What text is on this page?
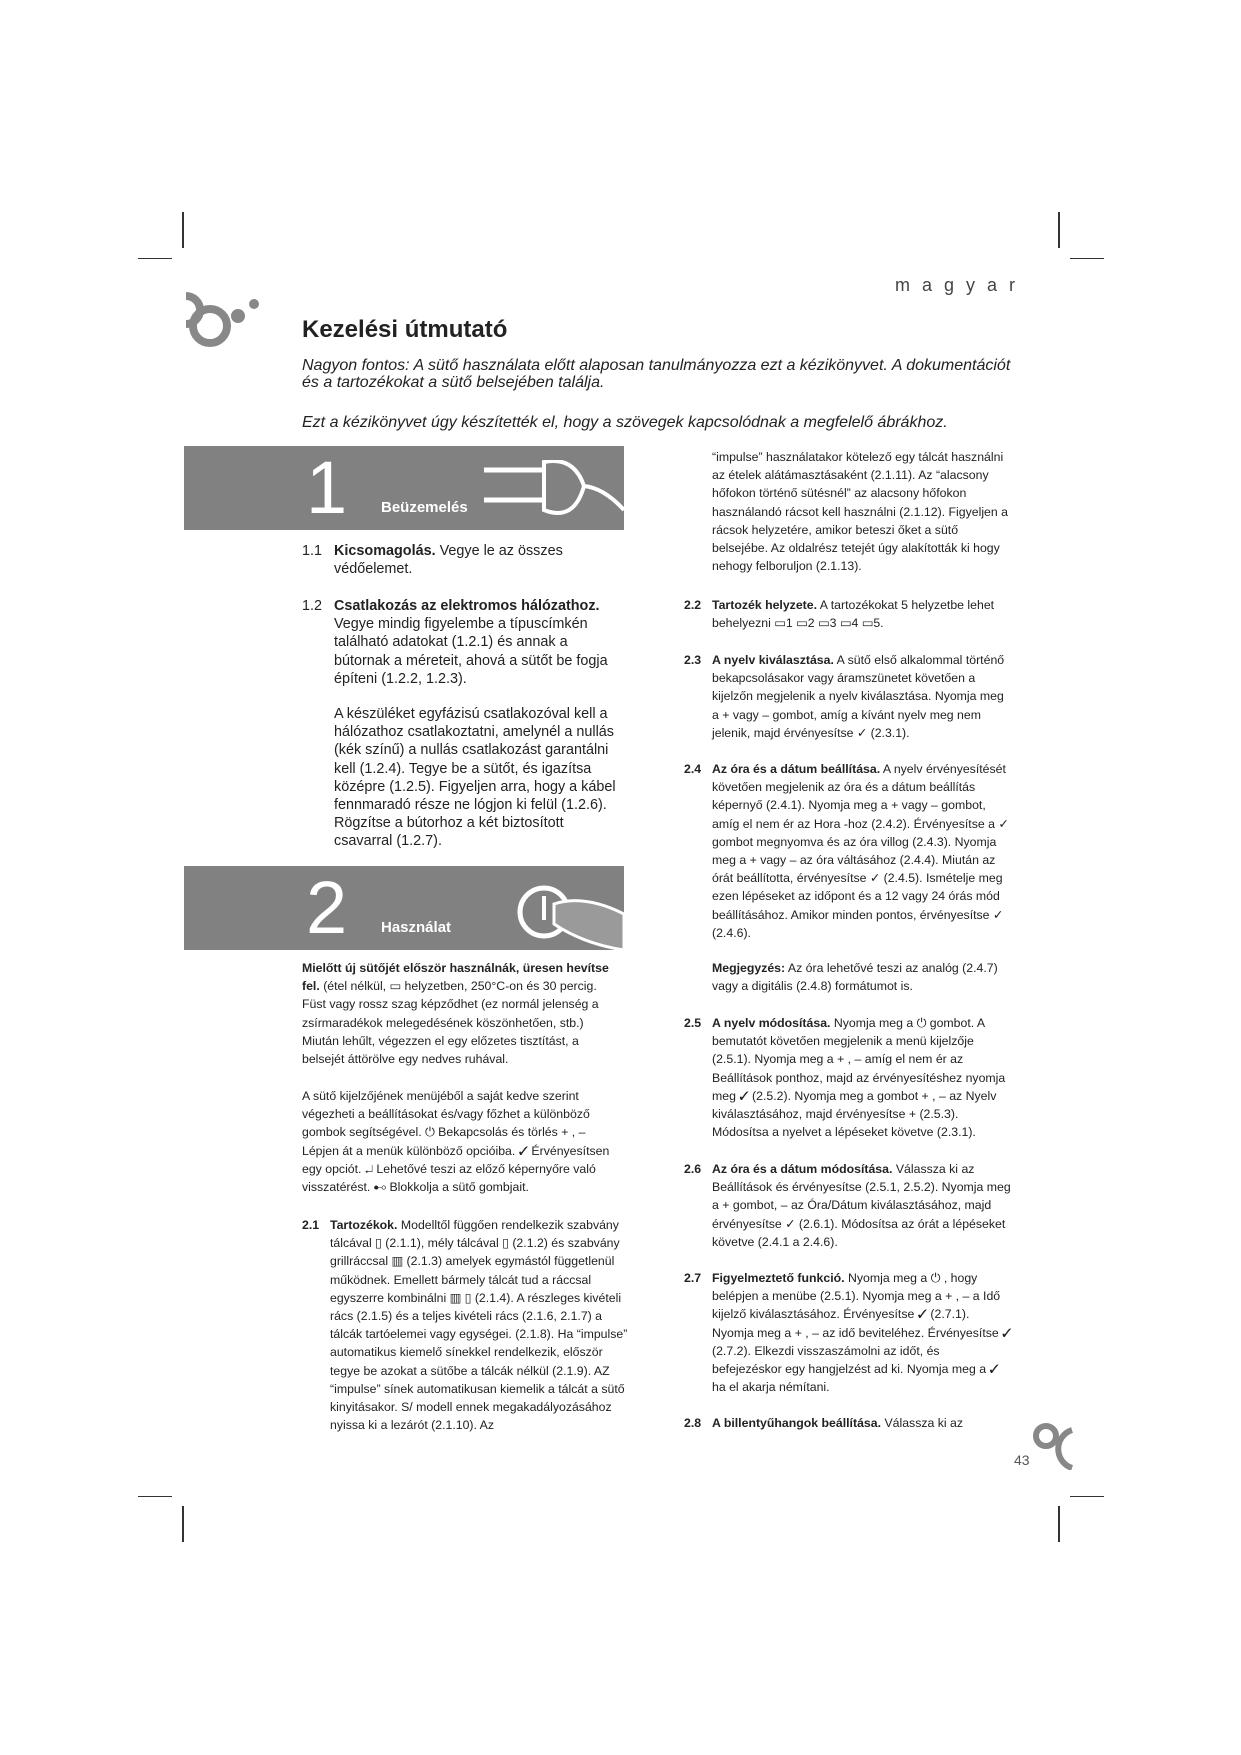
magyar
Kezelési útmutató
Nagyon fontos: A sütő használata előtt alaposan tanulmányozza ezt a kézikönyvet. A dokumentációt és a tartozékokat a sütő belsejében találja.
Ezt a kézikönyvet úgy készítették el, hogy a szövegek kapcsolódnak a megfelelő ábrákhoz.
1 Beüzemelés
1.1 Kicsomagolás. Vegye le az összes védőelemet.
1.2 Csatlakozás az elektromos hálózathoz. Vegye mindig figyelembe a típuscímkén található adatokat (1.2.1) és annak a bútornak a méreteit, ahová a sütőt be fogja építeni (1.2.2, 1.2.3).
A készüléket egyfázisú csatlakozóval kell a hálózathoz csatlakoztatni, amelynél a nullás (kék színű) a nullás csatlakozást garantálni kell (1.2.4). Tegye be a sütőt, és igazítsa középre (1.2.5). Figyeljen arra, hogy a kábel fennmaradó része ne lógjon ki felül (1.2.6). Rögzítse a bútorhoz a két biztosított csavarral (1.2.7).
2 Használat
Mielőtt új sütőjét először használnák, üresen hevítse fel. (étel nélkül, ▭ helyzetben, 250°C-on és 30 percig. Füst vagy rossz szag képződhet (ez normál jelenség a zsírmaradékok melegedésének köszönhetően, stb.) Miután lehűlt, végezzen el egy előzetes tisztítást, a belsejét áttörölve egy nedves ruhával.
A sütő kijelzőjének menüjéből a saját kedve szerint végezheti a beállításokat és/vagy főzhet a különböző gombok segítségével. ⏻ Bekapcsolás és törlés + , – Lépjen át a menük különböző opcióiba. ✓ Érvényesítsen egy opciót. ↵ Lehetővé teszi az előző képernyőre való visszatérést. ⊷ Blokkolja a sütő gombjait.
2.1 Tartozékok. Modelltől függően rendelkezik szabvány tálcával ▯ (2.1.1), mély tálcával ▯ (2.1.2) és szabvány grillráccsal ▥ (2.1.3) amelyek egymástól függetlenül működnek. Emellett bármely tálcát tud a ráccsal egyszerre kombinálni ▥ ▯ (2.1.4). A részleges kivételi rács (2.1.5) és a teljes kivételi rács (2.1.6, 2.1.7) a tálcák tartóelemei vagy egységei. (2.1.8). Ha “impulse” automatikus kiemelő sínekkel rendelkezik, először tegye be azokat a sütőbe a tálcák nélkül (2.1.9). AZ “impulse” sínek automatikusan kiemelik a tálcát a sütő kinyitásakor. S/ modell ennek megakadályozásához nyissa ki a lezárót (2.1.10). Az
“impulse” használatakor kötelező egy tálcát használni az ételek alátámasztásaként (2.1.11). Az “alacsony hőfokon történő sütésnél” az alacsony hőfokon használandó rácsot kell használni (2.1.12). Figyeljen a rácsok helyzetére, amikor beteszi őket a sütő belsejébe. Az oldalrész tetejét úgy alakították ki hogy nehogy felboruljon (2.1.13).
2.2 Tartozék helyzete. A tartozékokat 5 helyzetbe lehet behelyezni ▭1 ▭2 ▭3 ▭4 ▭5.
2.3 A nyelv kiválasztása. A sütő első alkalommal történő bekapcsolásakor vagy áramszünetet követően a kijelzőn megjelenik a nyelv kiválasztása. Nyomja meg a + vagy – gombot, amíg a kívánt nyelv meg nem jelenik, majd érvényesítse ✓ (2.3.1).
2.4 Az óra és a dátum beállítása. A nyelv érvényesítését követően megjelenik az óra és a dátum beállítás képernyő (2.4.1). Nyomja meg a + vagy – gombot, amíg el nem ér az Hora -hoz (2.4.2). Érvényesítse a ✓ gombot megnyomva és az óra villog (2.4.3). Nyomja meg a + vagy – az óra váltásához (2.4.4). Miután az órát beállította, érvényesítse ✓ (2.4.5). Ismételje meg ezen lépéseket az időpont és a 12 vagy 24 órás mód beállításához. Amikor minden pontos, érvényesítse ✓ (2.4.6).
Megjegyzés: Az óra lehetővé teszi az analóg (2.4.7) vagy a digitális (2.4.8) formátumot is.
2.5 A nyelv módosítása. Nyomja meg a ⏻ gombot. A bemutatót követően megjelenik a menü kijelzője (2.5.1). Nyomja meg a + , – amíg el nem ér az Beállítások ponthoz, majd az érvényesítéshez nyomja meg ✓ (2.5.2). Nyomja meg a gombot + , – az Nyelv kiválasztásához, majd érvényesítse + (2.5.3). Módosítsa a nyelvet a lépéseket követve (2.3.1).
2.6 Az óra és a dátum módosítása. Válassza ki az Beállítások és érvényesítse (2.5.1, 2.5.2). Nyomja meg a + gombot, – az Óra/Dátum kiválasztásához, majd érvényesítse ✓ (2.6.1). Módosítsa az órát a lépéseket követve (2.4.1 a 2.4.6).
2.7 Figyelmeztető funkció. Nyomja meg a ⏻ , hogy belépjen a menübe (2.5.1). Nyomja meg a + , – a Idő kijelző kiválasztásához. Érvényesítse ✓ (2.7.1). Nyomja meg a + , – az idő beviteléhez. Érvényesítse ✓ (2.7.2). Elkezdi visszaszámolni az időt, és befejezéskor egy hangjelzést ad ki. Nyomja meg a ✓ ha el akarja némítani.
2.8 A billentyűhangok beállítása. Válassza ki az
43
